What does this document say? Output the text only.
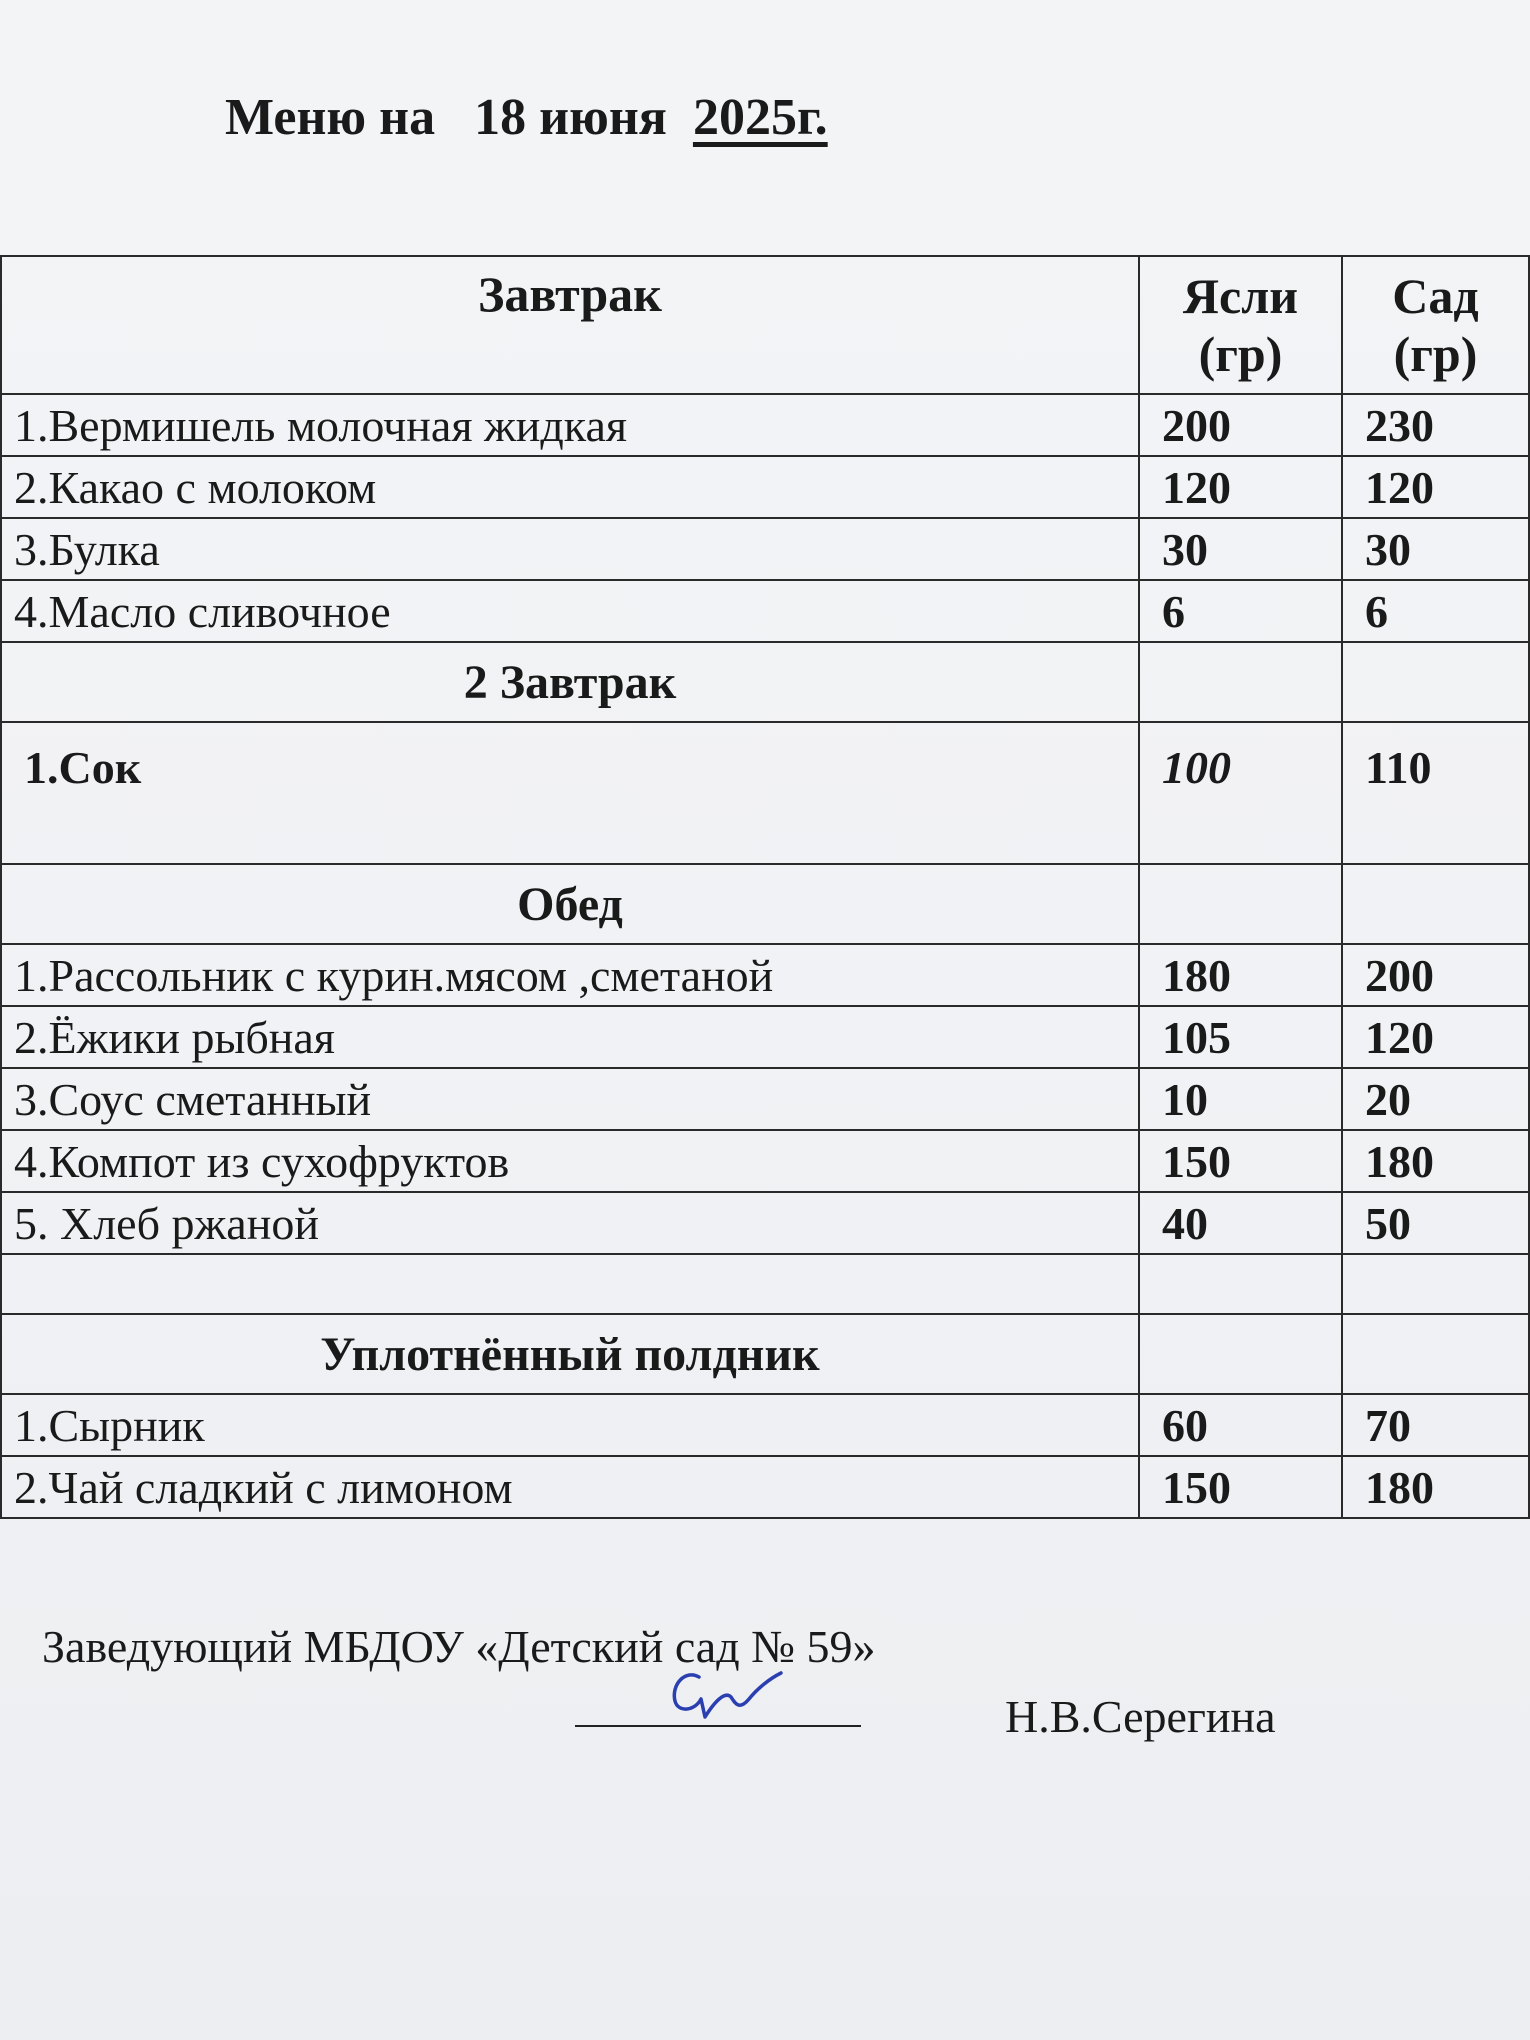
Меню на   18 июня  2025г.
Завтрак	Ясли (гр)	Сад (гр)
1.Вермишель молочная жидкая	200	230
2.Какао с молоком	120	120
3.Булка	30	30
4.Масло сливочное	6	6
2 Завтрак		
1.Сок	100	110
Обед		
1.Рассольник с курин.мясом ,сметаной	180	200
2.Ёжики рыбная	105	120
3.Соус сметанный	10	20
4.Компот из сухофруктов	150	180
5. Хлеб ржаной	40	50

Уплотнённый полдник		
1.Сырник	60	70
2.Чай сладкий с лимоном	150	180
Заведующий МБДОУ «Детский сад № 59»
Н.В.Серегина
